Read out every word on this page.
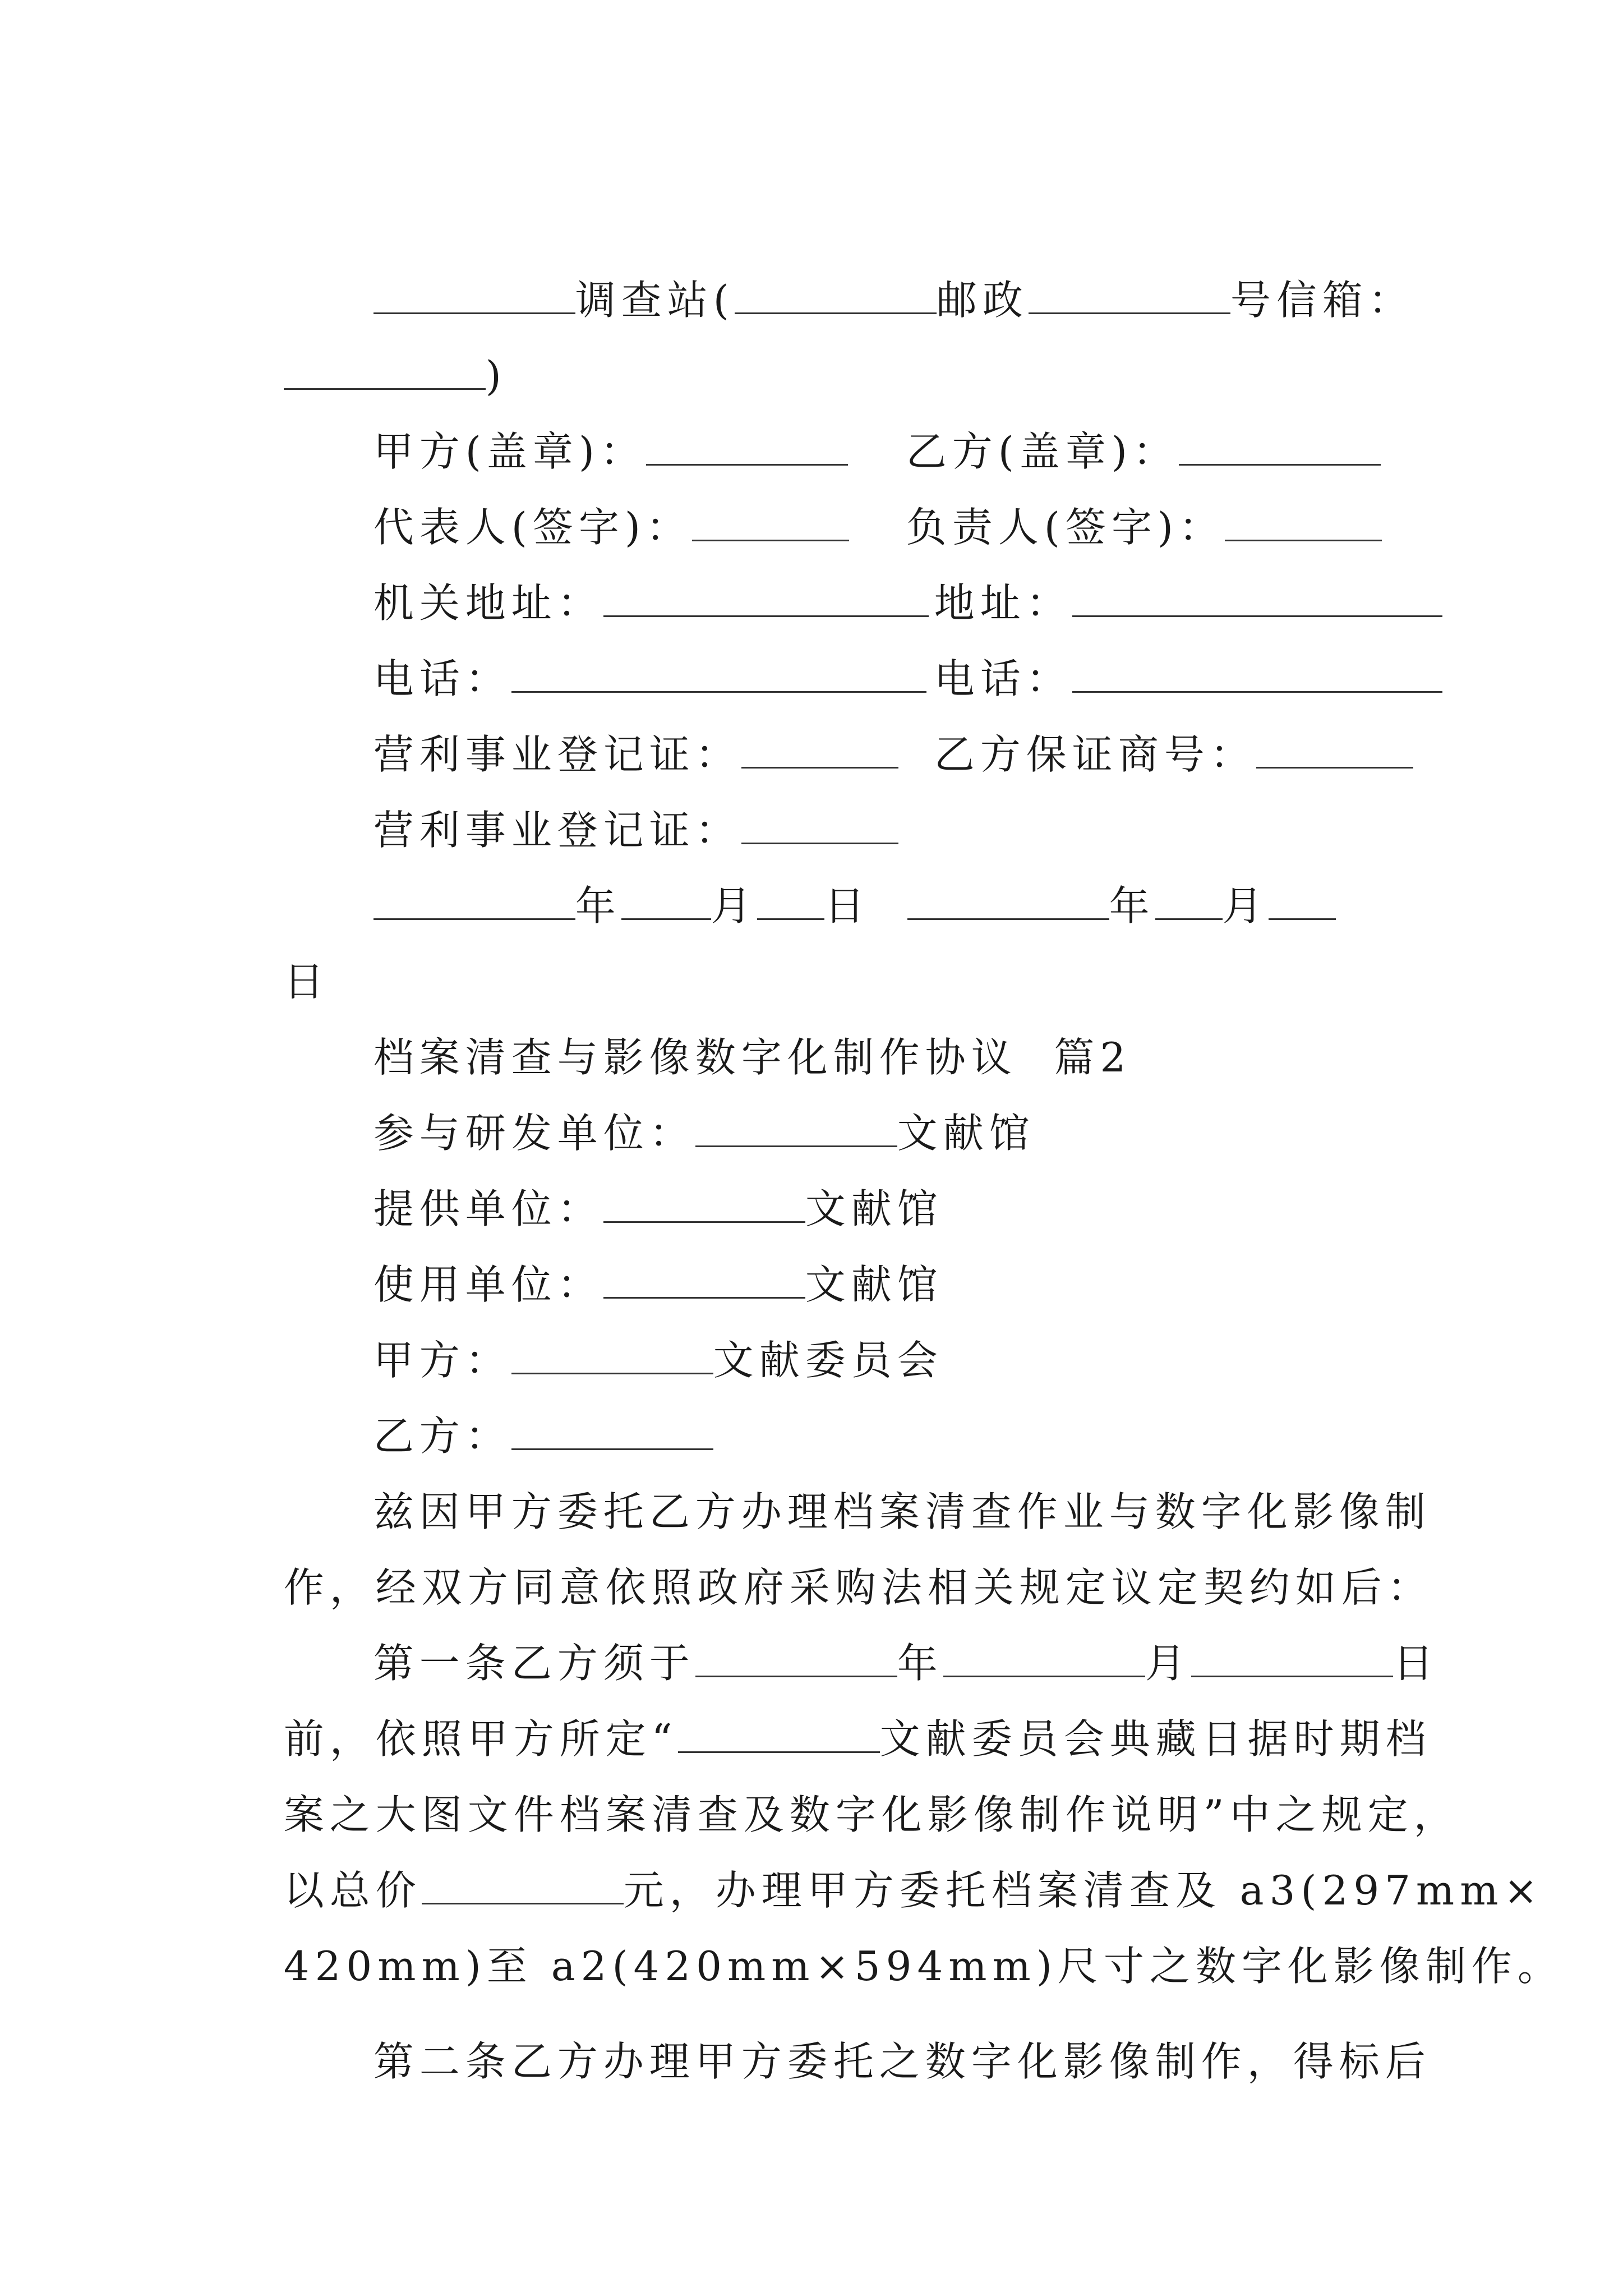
调查站(	邮政	号信箱：

)

甲方(盖章)：	乙方(盖章)：

代表人(签字)：	负责人(签字)：

机关地址：	地址：

电话：	电话：

营利事业登记证：	乙方保证商号：

营利事业登记证：

年 月 日	年 月

日

档案清查与影像数字化制作协议  篇2

参与研发单位：	文献馆

提供单位：	文献馆

使用单位：	文献馆

甲方：	文献委员会

乙方：

兹因甲方委托乙方办理档案清查作业与数字化影像制

作，经双方同意依照政府采购法相关规定议定契约如后：

第一条乙方须于	年	月	日

前，依照甲方所定“	文献委员会典藏日据时期档

案之大图文件档案清查及数字化影像制作说明”中之规定，

以总价	元，办理甲方委托档案清查及 a3(297mm×

420mm)至 a2(420mm×594mm)尺寸之数字化影像制作。

第二条乙方办理甲方委托之数字化影像制作，得标后
